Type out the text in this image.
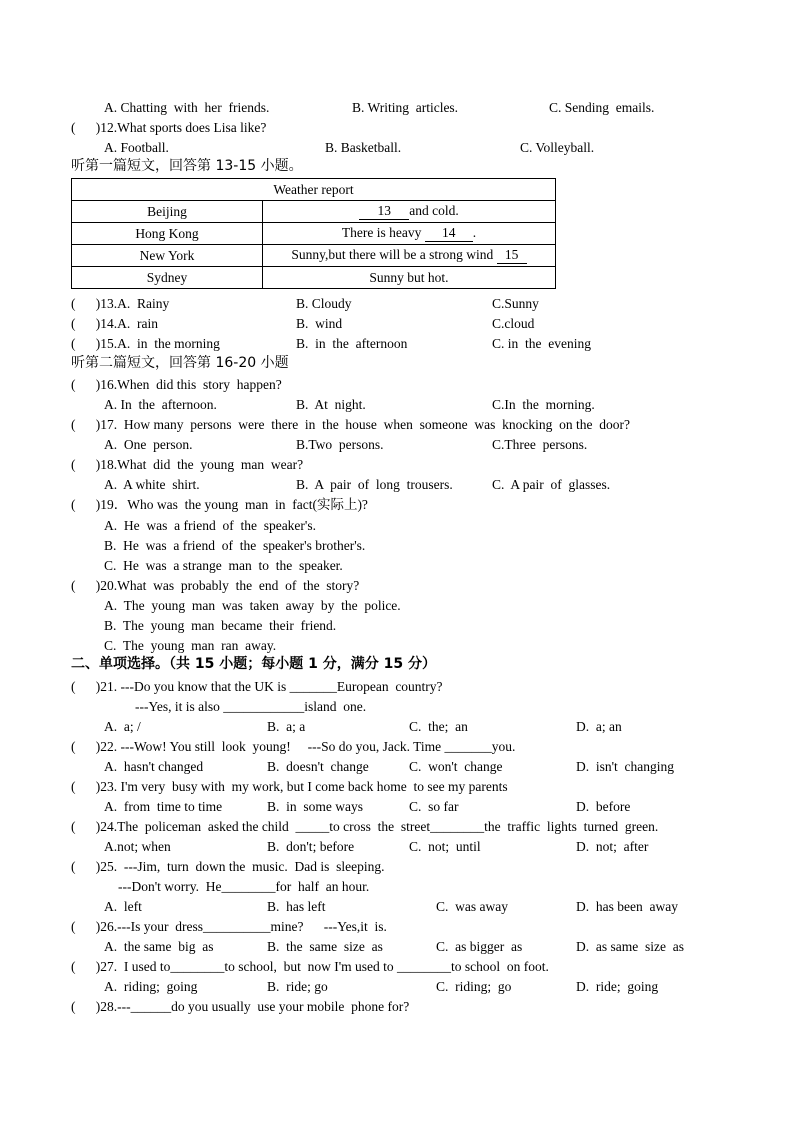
A. Chatting  with  her  friends.	B. Writing  articles.	C. Sending  emails.
(      )12.What sports does Lisa like?
A. Football.	B. Basketball.	C. Volleyball.
听第一篇短文，回答第 13-15 小题。
Weather report	
Beijing	13 and cold.
Hong Kong	There is heavy 14 .
New York	Sunny,but there will be a strong wind 15
Sydney	Sunny but hot.
(      )13.A.  Rainy	B. Cloudy	C.Sunny
(      )14.A.  rain	B.  wind	C.cloud
(      )15.A.  in  the morning	B.  in  the  afternoon	C. in  the  evening
听第二篇短文，回答第 16-20 小题
(      )16.When  did this  story  happen?
A. In  the  afternoon.	B.  At  night.	C.In  the  morning.
(      )17.  How many  persons  were  there  in  the  house  when  someone  was  knocking  on the  door?
A.  One  person.	B.Two  persons.	C.Three  persons.
(      )18.What  did  the  young  man  wear?
A.  A white  shirt.	B.  A  pair  of  long  trousers.	C.  A pair  of  glasses.
(      )19．Who was  the young  man  in  fact(实际上)?
A.  He  was  a friend  of  the  speaker's.
B.  He  was  a friend  of  the  speaker's brother's.
C.  He  was  a strange  man  to  the  speaker.
(      )20.What  was  probably  the  end  of  the  story?
A.  The  young  man  was  taken  away  by  the  police.
B.  The  young  man  became  their  friend.
C.  The  young  man  ran  away.
二、单项选择。（共 15 小题；每小题 1 分，满分 15 分）
(      )21. ---Do you know that the UK is _______European  country?
---Yes, it is also ____________island  one.
A.  a; /	B.  a; a	C.  the;  an	D.  a; an
(      )22. ---Wow! You still  look  young!     ---So do you, Jack. Time _______you.
A.  hasn't changed	B.  doesn't  change	C.  won't  change	D.  isn't  changing
(      )23. I'm very  busy with  my work, but I come back home  to see my parents
A.  from  time to time	B.  in  some ways	C.  so far	D.  before
(      )24.The  policeman  asked the child  _____to cross  the  street________the  traffic  lights  turned  green.
A.not; when	B.  don't; before	C.  not;  until	D.  not;  after
(      )25.  ---Jim,  turn  down the  music.  Dad is  sleeping.
---Don't worry.  He________for  half  an hour.
A.  left	B.  has left	C.  was away	D.  has been  away
(      )26.---Is your  dress__________mine?      ---Yes,it  is.
A.  the same  big  as	B.  the  same  size  as	C.  as bigger  as	D.  as same  size  as
(      )27.  I used to________to school,  but  now I'm used to ________to school  on foot.
A.  riding;  going	B.  ride; go	C.  riding;  go	D.  ride;  going
(      )28.---______do you usually  use your mobile  phone for?
